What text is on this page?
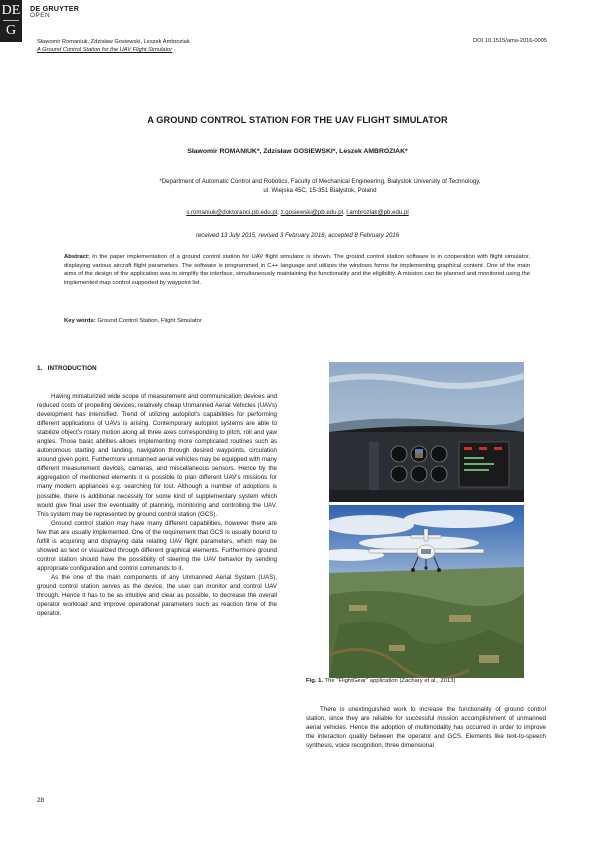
DE
G
DE GRUYTER
OPEN
Sławomir Romaniuk, Zdzisław Gosiewski, Leszek Ambroziak
A Ground Control Station for the UAV Flight Simulator
DOI 10.1515/ama-2016-0005
A GROUND CONTROL STATION FOR THE UAV FLIGHT SIMULATOR
Sławomir ROMANIUK*, Zdzisław GOSIEWSKI*, Leszek AMBROZIAK*
*Department of Automatic Control and Robotics, Faculty of Mechanical Engineering, Bialystok University of Technology,
ul. Wiejska 45C, 15-351 Białystok, Poland
s.romaniuk@doktoranci.pb.edu.pl, z.gosiewski@pb.edu.pl, l.ambroziak@pb.edu.pl
received 13 July 2015, revised 3 February 2016, accepted 8 February 2016
Abstract: In the paper implementation of a ground control station for UAV flight simulator is shown. The ground control station software is in cooperation with flight simulator, displaying various aircraft flight parameters. The software is programmed in C++ language and utilizes the windows forms for implementing graphical content. One of the main aims of the design of the application was to simplify the interface, simultaneously maintaining the functionality and the eligibility. A mission can be planned and monitored using the implemented map control supported by waypoint list.
Key words: Ground Control Station, Flight Simulator
1. INTRODUCTION

Having miniaturized wide scope of measurement and communication devices and reduced costs of propelling devices, relatively cheap Unmanned Aerial Vehicles (UAVs) development has intensified. Trend of utilizing autopilot's capabilities for performing different applications of UAVs is arising. Contemporary autopilot systems are able to stabilize object's rotary motion along all three axes corresponding to pitch, roll and yaw angles. Those basic abilities allows implementing more complicated routines such as autonomous starting and landing, navigation through desired waypoints, circulation around given point. Furthermore unmanned aerial vehicles may be equipped with many different measurement devices, cameras, and miscellaneous sensors. Hence by the aggregation of mentioned elements it is possible to plan different UAV's missions for many modern appliances e.g. searching for lost. Although a number of adoptions is possible, there is additional necessity for some kind of supplementary system which would give final user the eventuality of planning, monitoring and controlling the UAV. This system may be represented by ground control station (GCS).

Ground control station may have many different capabilities, however there are few that are usually implemented. One of the requirement that GCS is usually bound to fulfill is acquiring and displaying data relating UAV flight parameters, which may be showed as text or visualized through different graphical elements. Furthermore ground control station should have the possibility of steering the UAV behavior by sending appropriate configuration and control commands to it.

As the one of the main components of any Unmanned Aerial System (UAS), ground control station serves as the device, the user can monitor and control UAV through. Hence it has to be as intuitive and clear as possible, to decrease the overall operator workload and improve operational parameters such as reaction time of the operator.

Fig. 1. The "FlightGear" application (Zachary et al., 2013)

There is unextinguished work to increase the functionality of ground control station, since they are reliable for successful mission accomplishment of unmanned aerial vehicles. Hence the adoption of multimodality has occurred in order to improve the interaction quality between the operator and GCS. Elements like text-to-speech synthesis, voice recognition, three dimensional

28
